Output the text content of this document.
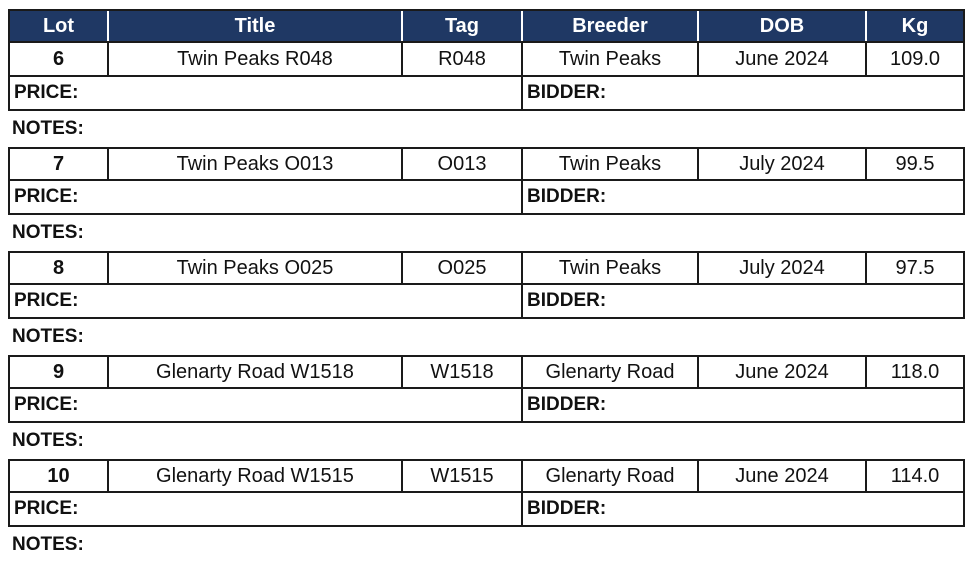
Lot	Title	Tag	Breeder	DOB	Kg
6	Twin Peaks R048	R048	Twin Peaks	June 2024	109.0
PRICE:	BIDDER:
NOTES:
7	Twin Peaks O013	O013	Twin Peaks	July 2024	99.5
PRICE:	BIDDER:
NOTES:
8	Twin Peaks O025	O025	Twin Peaks	July 2024	97.5
PRICE:	BIDDER:
NOTES:
9	Glenarty Road W1518	W1518	Glenarty Road	June 2024	118.0
PRICE:	BIDDER:
NOTES:
10	Glenarty Road W1515	W1515	Glenarty Road	June 2024	114.0
PRICE:	BIDDER:
NOTES:
